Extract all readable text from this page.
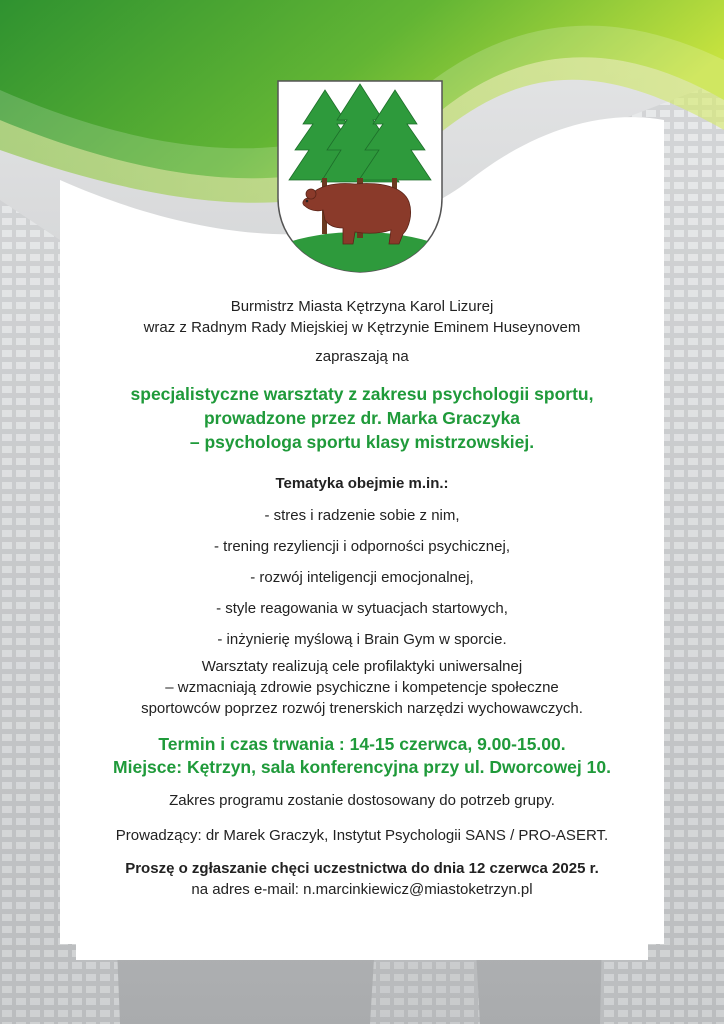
Burmistrz Miasta Kętrzyna Karol Lizurej
wraz z Radnym Rady Miejskiej w Kętrzynie Eminem Huseynovem
zapraszają na
specjalistyczne warsztaty z zakresu psychologii sportu,
prowadzone przez dr. Marka Graczyka
– psychologa sportu klasy mistrzowskiej.
Tematyka obejmie m.in.:
- stres i radzenie sobie z nim,
- trening rezyliencji i odporności psychicznej,
- rozwój inteligencji emocjonalnej,
- style reagowania w sytuacjach startowych,
- inżynierię myślową i Brain Gym w sporcie.
Warsztaty realizują cele profilaktyki uniwersalnej
– wzmacniają zdrowie psychiczne i kompetencje społeczne
sportowców poprzez rozwój trenerskich narzędzi wychowawczych.
Termin i czas trwania : 14-15 czerwca, 9.00-15.00.
Miejsce: Kętrzyn, sala konferencyjna przy ul. Dworcowej 10.
Zakres programu zostanie dostosowany do potrzeb grupy.
Prowadzący: dr Marek Graczyk, Instytut Psychologii SANS / PRO-ASERT.
Proszę o zgłaszanie chęci uczestnictwa do dnia 12 czerwca 2025 r.
na adres e-mail: n.marcinkiewicz@miastoketrzyn.pl
